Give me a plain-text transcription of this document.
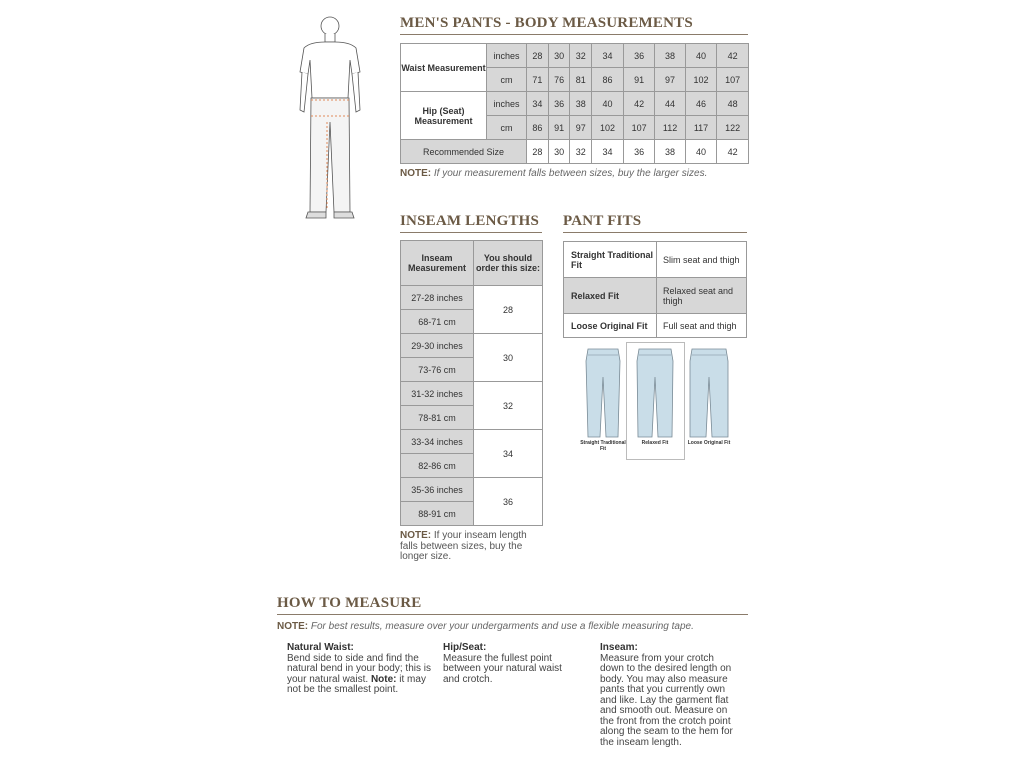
MEN'S PANTS - BODY MEASUREMENTS
Waist Measurement	inches	28	30	32	34	36	38	40	42
	cm	71	76	81	86	91	97	102	107
Hip (Seat) Measurement	inches	34	36	38	40	42	44	46	48
	cm	86	91	97	102	107	112	117	122
Recommended Size		28	30	32	34	36	38	40	42
NOTE: If your measurement falls between sizes, buy the larger sizes.
INSEAM LENGTHS
Inseam Measurement	You should order this size:
27-28 inches	28
68-71 cm	
29-30 inches	30
73-76 cm	
31-32 inches	32
78-81 cm	
33-34 inches	34
82-86 cm	
35-36 inches	36
88-91 cm	
NOTE: If your inseam length falls between sizes, buy the longer size.
PANT FITS
Straight Traditional Fit	Slim seat and thigh
Relaxed Fit	Relaxed seat and thigh
Loose Original Fit	Full seat and thigh
Straight Traditional Fit
Relaxed Fit	Loose Original Fit
HOW TO MEASURE
NOTE: For best results, measure over your undergarments and use a flexible measuring tape.
Natural Waist:
Bend side to side and find the natural bend in your body; this is your natural waist. Note: it may not be the smallest point.
Hip/Seat:
Measure the fullest point between your natural waist and crotch.
Inseam:
Measure from your crotch down to the desired length on body. You may also measure pants that you currently own and like. Lay the garment flat and smooth out. Measure on the front from the crotch point along the seam to the hem for the inseam length.
